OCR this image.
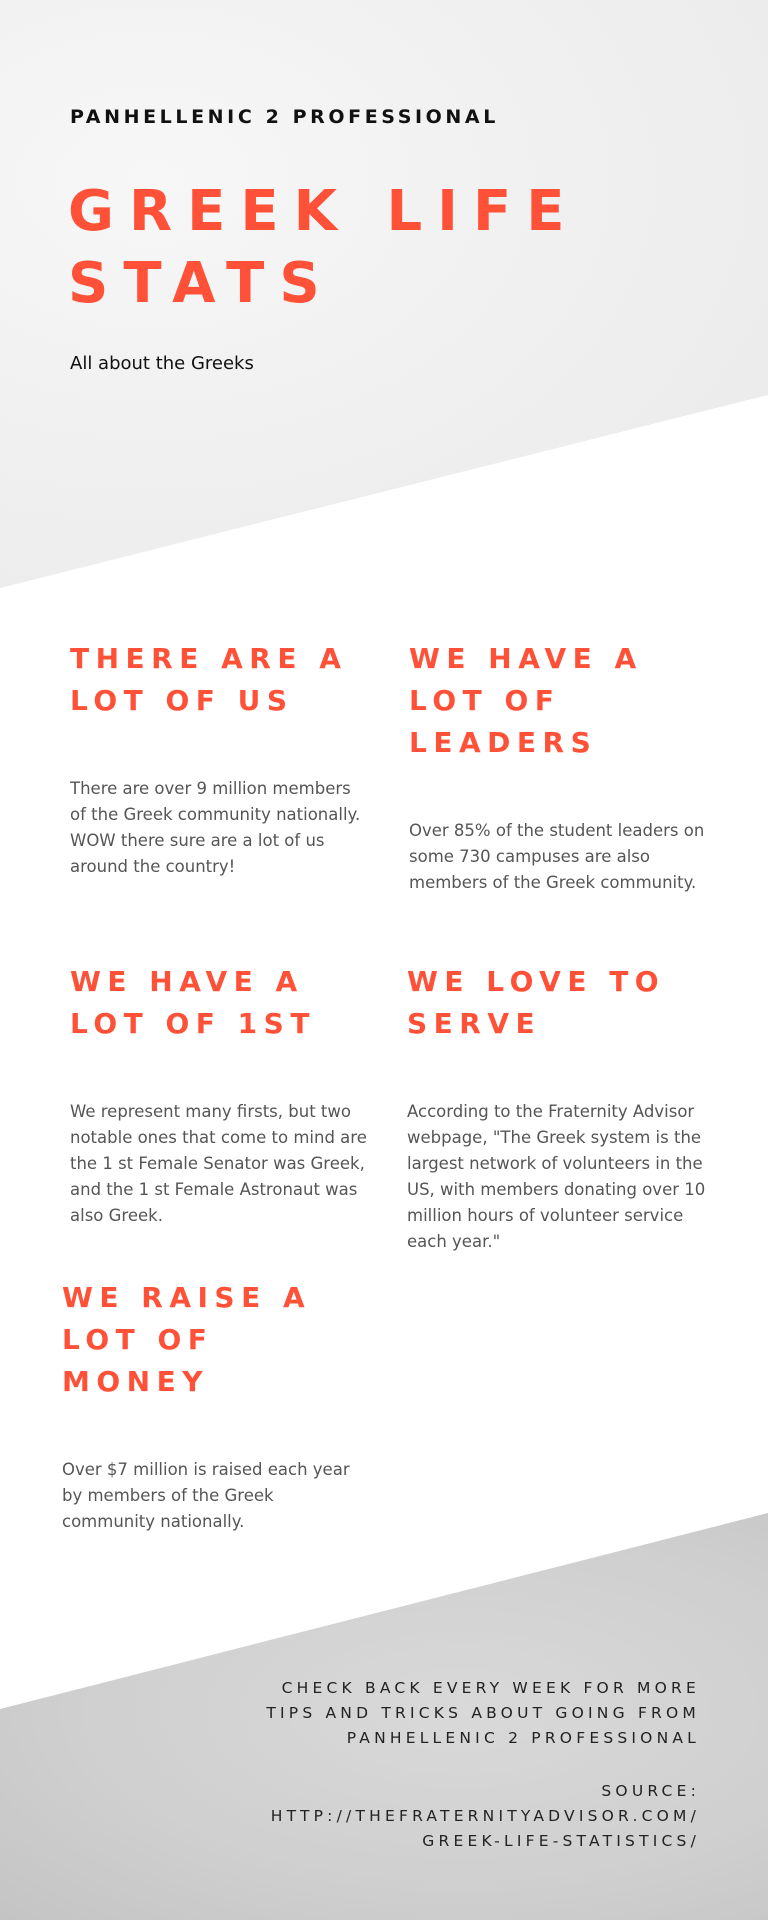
PANHELLENIC 2 PROFESSIONAL

GREEK LIFE
STATS

All about the Greeks

THERE ARE A
LOT OF US

There are over 9 million members of the Greek community nationally. WOW there sure are a lot of us around the country!

WE HAVE A
LOT OF
LEADERS

Over 85% of the student leaders on some 730 campuses are also members of the Greek community.

WE HAVE A
LOT OF 1ST

We represent many firsts, but two notable ones that come to mind are the 1 st Female Senator was Greek, and the 1 st Female Astronaut was also Greek.

WE LOVE TO
SERVE

According to the Fraternity Advisor webpage, "The Greek system is the largest network of volunteers in the US, with members donating over 10 million hours of volunteer service each year."

WE RAISE A
LOT OF
MONEY

Over $7 million is raised each year by members of the Greek community nationally.

CHECK BACK EVERY WEEK FOR MORE
TIPS AND TRICKS ABOUT GOING FROM
PANHELLENIC 2 PROFESSIONAL
SOURCE:
HTTP://THEFRATERNITYADVISOR.COM/
GREEK-LIFE-STATISTICS/
